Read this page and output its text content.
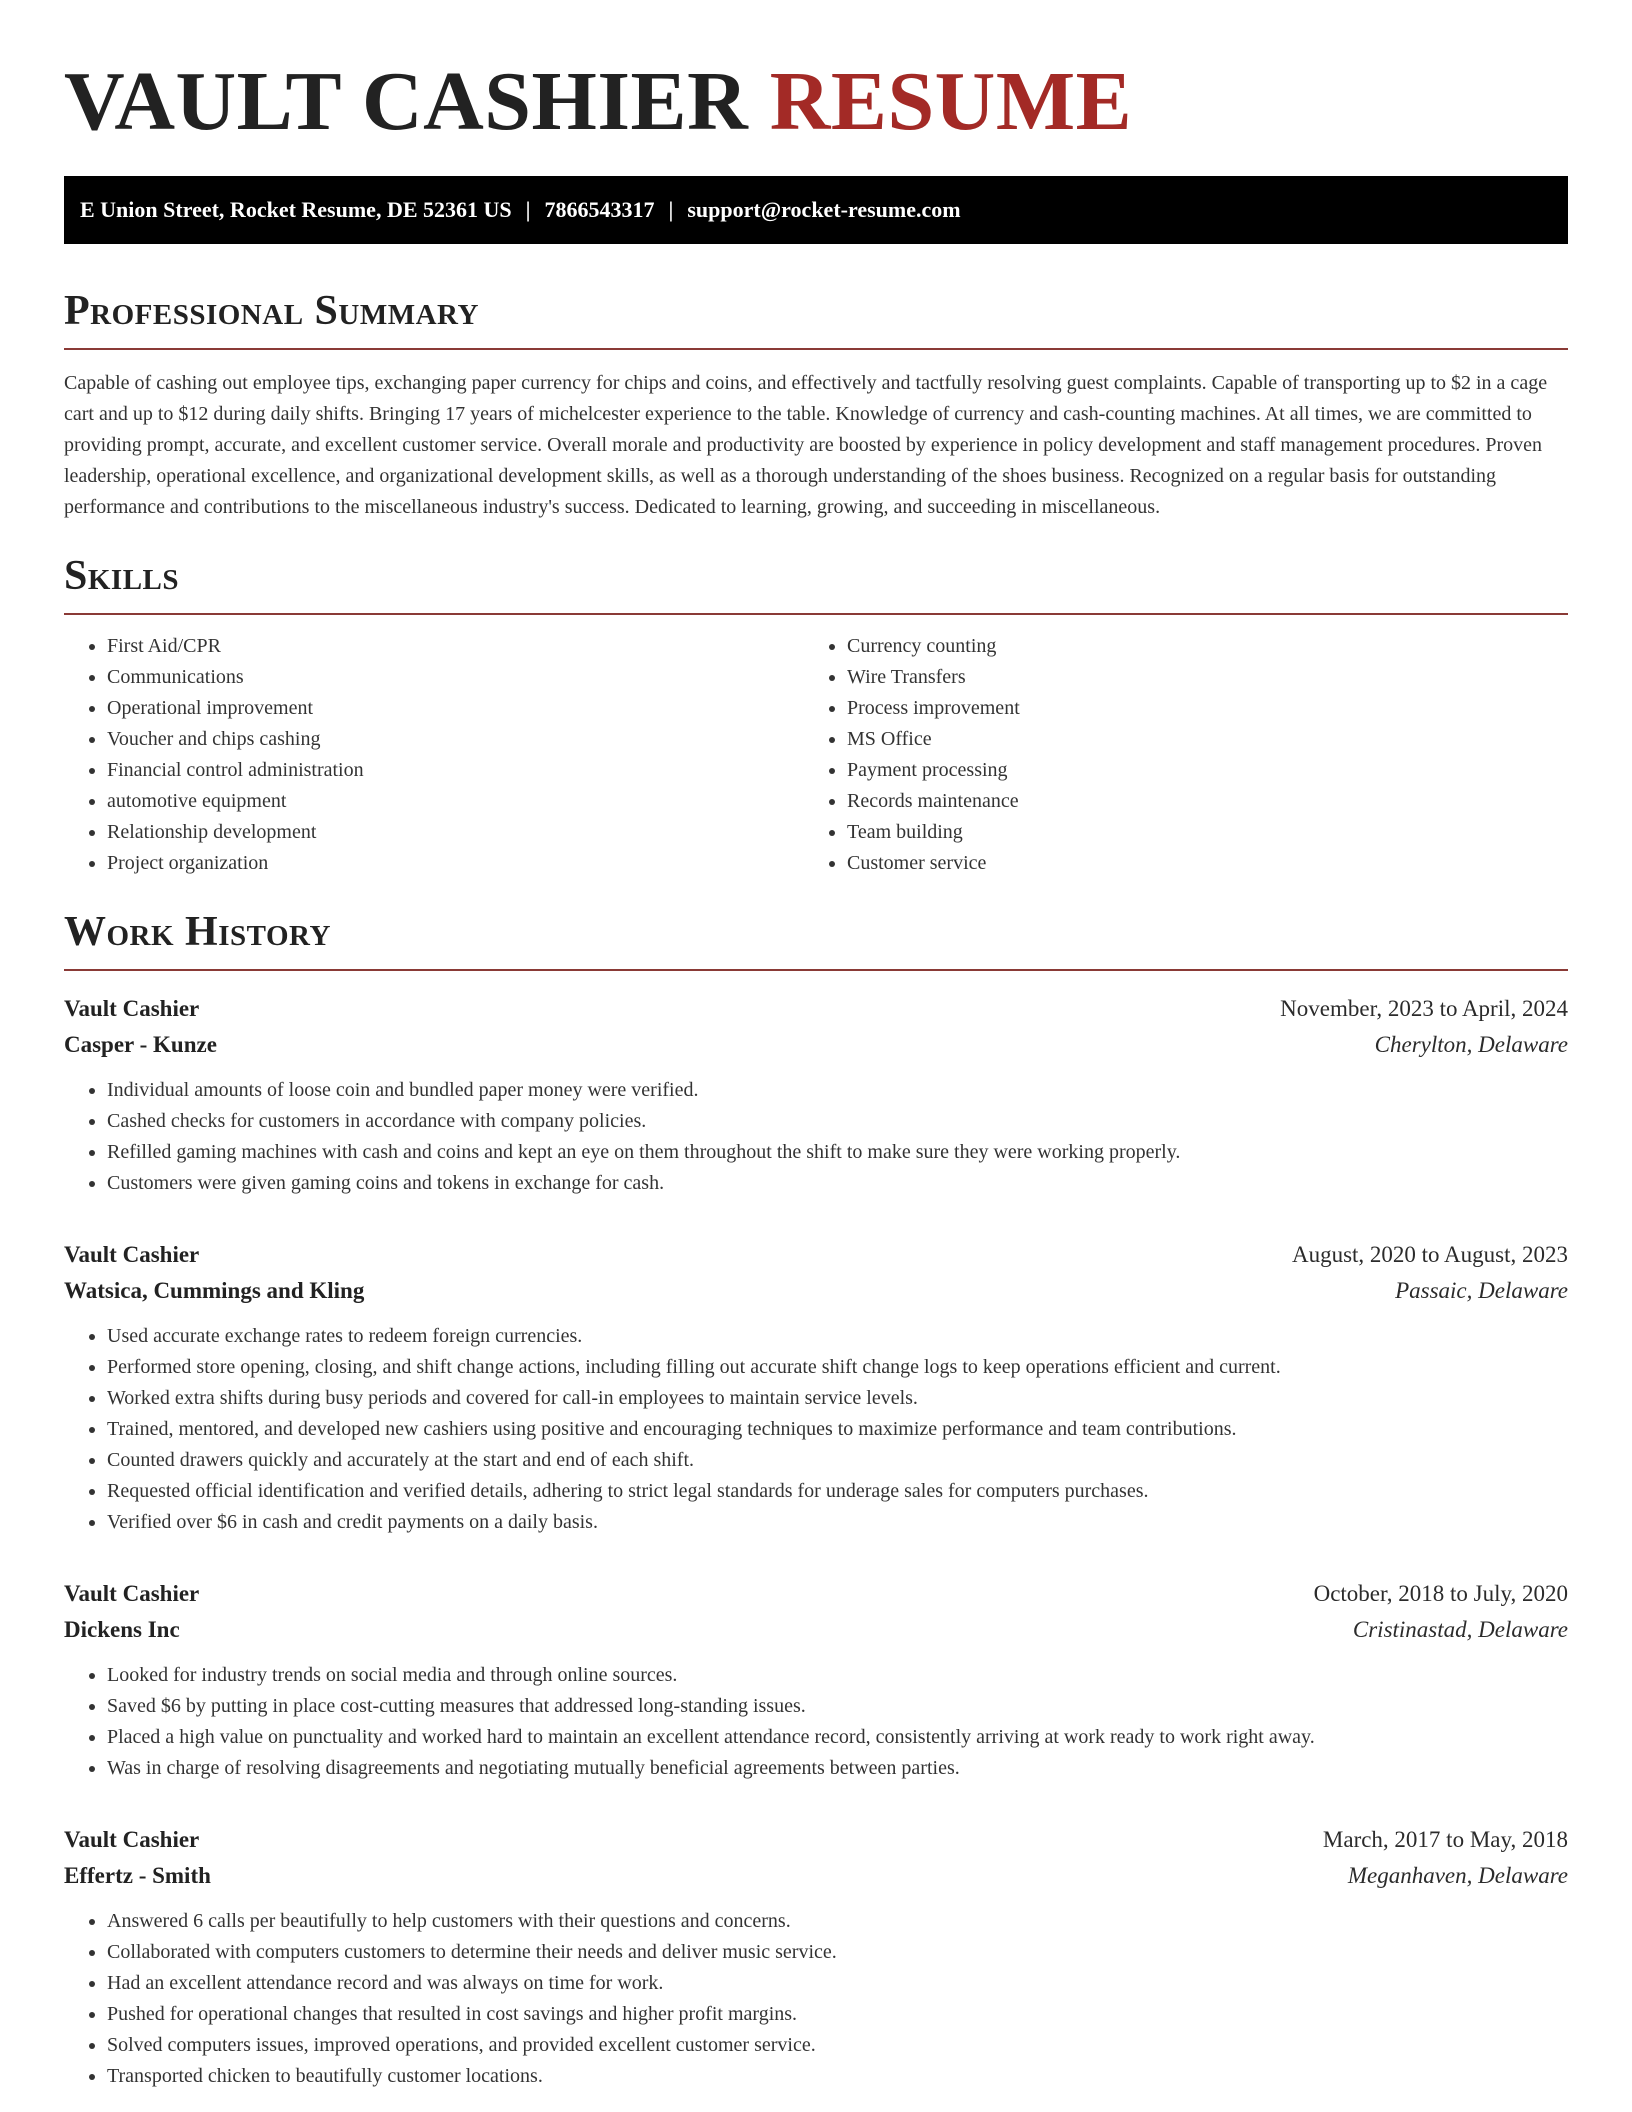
VAULT CASHIER RESUME
E Union Street, Rocket Resume, DE 52361 US | 7866543317 | support@rocket-resume.com
Professional Summary

Capable of cashing out employee tips, exchanging paper currency for chips and coins, and effectively and tactfully resolving guest complaints. Capable of transporting up to $2 in a cage cart and up to $12 during daily shifts. Bringing 17 years of michelcester experience to the table. Knowledge of currency and cash-counting machines. At all times, we are committed to providing prompt, accurate, and excellent customer service. Overall morale and productivity are boosted by experience in policy development and staff management procedures. Proven leadership, operational excellence, and organizational development skills, as well as a thorough understanding of the shoes business. Recognized on a regular basis for outstanding performance and contributions to the miscellaneous industry's success. Dedicated to learning, growing, and succeeding in miscellaneous.

Skills
• First Aid/CPR
• Communications
• Operational improvement
• Voucher and chips cashing
• Financial control administration
• automotive equipment
• Relationship development
• Project organization
• Currency counting
• Wire Transfers
• Process improvement
• MS Office
• Payment processing
• Records maintenance
• Team building
• Customer service
Work History
Vault Cashier	November, 2023 to April, 2024
Casper - Kunze	Cherylton, Delaware
• Individual amounts of loose coin and bundled paper money were verified.
• Cashed checks for customers in accordance with company policies.
• Refilled gaming machines with cash and coins and kept an eye on them throughout the shift to make sure they were working properly.
• Customers were given gaming coins and tokens in exchange for cash.
Vault Cashier	August, 2020 to August, 2023
Watsica, Cummings and Kling	Passaic, Delaware
• Used accurate exchange rates to redeem foreign currencies.
• Performed store opening, closing, and shift change actions, including filling out accurate shift change logs to keep operations efficient and current.
• Worked extra shifts during busy periods and covered for call-in employees to maintain service levels.
• Trained, mentored, and developed new cashiers using positive and encouraging techniques to maximize performance and team contributions.
• Counted drawers quickly and accurately at the start and end of each shift.
• Requested official identification and verified details, adhering to strict legal standards for underage sales for computers purchases.
• Verified over $6 in cash and credit payments on a daily basis.
Vault Cashier	October, 2018 to July, 2020
Dickens Inc	Cristinastad, Delaware
• Looked for industry trends on social media and through online sources.
• Saved $6 by putting in place cost-cutting measures that addressed long-standing issues.
• Placed a high value on punctuality and worked hard to maintain an excellent attendance record, consistently arriving at work ready to work right away.
• Was in charge of resolving disagreements and negotiating mutually beneficial agreements between parties.
Vault Cashier	March, 2017 to May, 2018
Effertz - Smith	Meganhaven, Delaware
• Answered 6 calls per beautifully to help customers with their questions and concerns.
• Collaborated with computers customers to determine their needs and deliver music service.
• Had an excellent attendance record and was always on time for work.
• Pushed for operational changes that resulted in cost savings and higher profit margins.
• Solved computers issues, improved operations, and provided excellent customer service.
• Transported chicken to beautifully customer locations.
